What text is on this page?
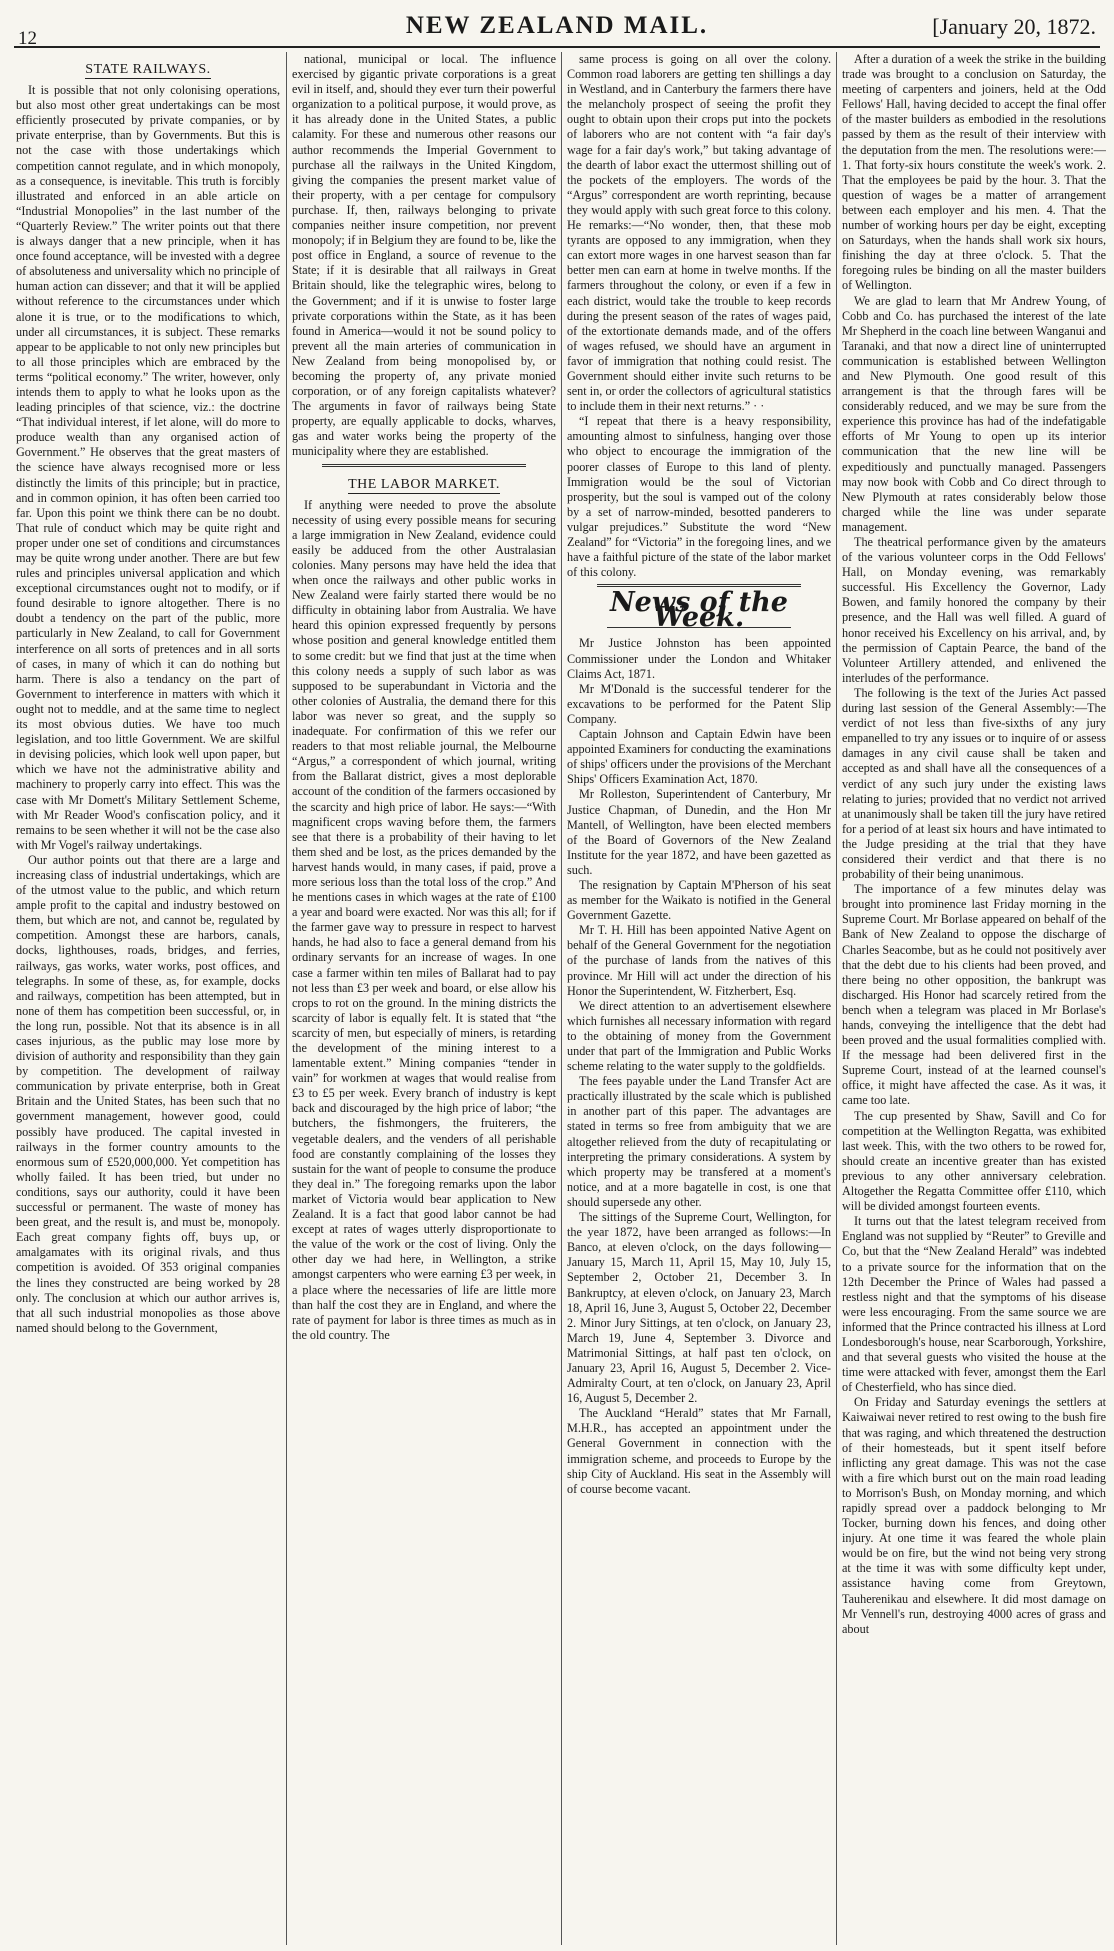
12	NEW ZEALAND MAIL.	[January 20, 1872.
STATE RAILWAYS.

It is possible that not only colonising operations, but also most other great undertakings can be most efficiently prosecuted by private companies, or by private enterprise, than by Governments. But this is not the case with those undertakings which competition cannot regulate, and in which monopoly, as a consequence, is inevitable. This truth is forcibly illustrated and enforced in an able article on “Industrial Monopolies” in the last number of the “Quarterly Review.” The writer points out that there is always danger that a new principle, when it has once found acceptance, will be invested with a degree of absoluteness and universality which no principle of human action can dissever; and that it will be applied without reference to the circumstances under which alone it is true, or to the modifications to which, under all circumstances, it is subject. These remarks appear to be applicable to not only new principles but to all those principles which are embraced by the terms “political economy.” The writer, however, only intends them to apply to what he looks upon as the leading principles of that science, viz.: the doctrine “That individual interest, if let alone, will do more to produce wealth than any organised action of Government.” He observes that the great masters of the science have always recognised more or less distinctly the limits of this principle; but in practice, and in common opinion, it has often been carried too far. Upon this point we think there can be no doubt. That rule of conduct which may be quite right and proper under one set of conditions and circumstances may be quite wrong under another. There are but few rules and principles universal application and which exceptional circumstances ought not to modify, or if found desirable to ignore altogether. There is no doubt a tendency on the part of the public, more particularly in New Zealand, to call for Government interference on all sorts of pretences and in all sorts of cases, in many of which it can do nothing but harm. There is also a tendancy on the part of Government to interference in matters with which it ought not to meddle, and at the same time to neglect its most obvious duties. We have too much legislation, and too little Government. We are skilful in devising policies, which look well upon paper, but which we have not the administrative ability and machinery to properly carry into effect. This was the case with Mr Domett's Military Settlement Scheme, with Mr Reader Wood's confiscation policy, and it remains to be seen whether it will not be the case also with Mr Vogel's railway undertakings.

Our author points out that there are a large and increasing class of industrial undertakings, which are of the utmost value to the public, and which return ample profit to the capital and industry bestowed on them, but which are not, and cannot be, regulated by competition. Amongst these are harbors, canals, docks, lighthouses, roads, bridges, and ferries, railways, gas works, water works, post offices, and telegraphs. In some of these, as, for example, docks and railways, competition has been attempted, but in none of them has competition been successful, or, in the long run, possible. Not that its absence is in all cases injurious, as the public may lose more by division of authority and responsibility than they gain by competition. The development of railway communication by private enterprise, both in Great Britain and the United States, has been such that no government management, however good, could possibly have produced. The capital invested in railways in the former country amounts to the enormous sum of £520,000,000. Yet competition has wholly failed. It has been tried, but under no conditions, says our authority, could it have been successful or permanent. The waste of money has been great, and the result is, and must be, monopoly. Each great company fights off, buys up, or amalgamates with its original rivals, and thus competition is avoided. Of 353 original companies the lines they constructed are being worked by 28 only. The conclusion at which our author arrives is, that all such industrial monopolies as those above named should belong to the Government,

national, municipal or local. The influence exercised by gigantic private corporations is a great evil in itself, and, should they ever turn their powerful organization to a political purpose, it would prove, as it has already done in the United States, a public calamity. For these and numerous other reasons our author recommends the Imperial Government to purchase all the railways in the United Kingdom, giving the companies the present market value of their property, with a per centage for compulsory purchase. If, then, railways belonging to private companies neither insure competition, nor prevent monopoly; if in Belgium they are found to be, like the post office in England, a source of revenue to the State; if it is desirable that all railways in Great Britain should, like the telegraphic wires, belong to the Government; and if it is unwise to foster large private corporations within the State, as it has been found in America—would it not be sound policy to prevent all the main arteries of communication in New Zealand from being monopolised by, or becoming the property of, any private monied corporation, or of any foreign capitalists whatever? The arguments in favor of railways being State property, are equally applicable to docks, wharves, gas and water works being the property of the municipality where they are established.

THE LABOR MARKET.

If anything were needed to prove the absolute necessity of using every possible means for securing a large immigration in New Zealand, evidence could easily be adduced from the other Australasian colonies. Many persons may have held the idea that when once the railways and other public works in New Zealand were fairly started there would be no difficulty in obtaining labor from Australia. We have heard this opinion expressed frequently by persons whose position and general knowledge entitled them to some credit: but we find that just at the time when this colony needs a supply of such labor as was supposed to be superabundant in Victoria and the other colonies of Australia, the demand there for this labor was never so great, and the supply so inadequate. For confirmation of this we refer our readers to that most reliable journal, the Melbourne “Argus,” a correspondent of which journal, writing from the Ballarat district, gives a most deplorable account of the condition of the farmers occasioned by the scarcity and high price of labor. He says:—“With magnificent crops waving before them, the farmers see that there is a probability of their having to let them shed and be lost, as the prices demanded by the harvest hands would, in many cases, if paid, prove a more serious loss than the total loss of the crop.” And he mentions cases in which wages at the rate of £100 a year and board were exacted. Nor was this all; for if the farmer gave way to pressure in respect to harvest hands, he had also to face a general demand from his ordinary servants for an increase of wages. In one case a farmer within ten miles of Ballarat had to pay not less than £3 per week and board, or else allow his crops to rot on the ground. In the mining districts the scarcity of labor is equally felt. It is stated that “the scarcity of men, but especially of miners, is retarding the development of the mining interest to a lamentable extent.” Mining companies “tender in vain” for workmen at wages that would realise from £3 to £5 per week. Every branch of industry is kept back and discouraged by the high price of labor; “the butchers, the fishmongers, the fruiterers, the vegetable dealers, and the venders of all perishable food are constantly complaining of the losses they sustain for the want of people to consume the produce they deal in.” The foregoing remarks upon the labor market of Victoria would bear application to New Zealand. It is a fact that good labor cannot be had except at rates of wages utterly disproportionate to the value of the work or the cost of living. Only the other day we had here, in Wellington, a strike amongst carpenters who were earning £3 per week, in a place where the necessaries of life are little more than half the cost they are in England, and where the rate of payment for labor is three times as much as in the old country. The

same process is going on all over the colony. Common road laborers are getting ten shillings a day in Westland, and in Canterbury the farmers there have the melancholy prospect of seeing the profit they ought to obtain upon their crops put into the pockets of laborers who are not content with “a fair day's wage for a fair day's work,” but taking advantage of the dearth of labor exact the uttermost shilling out of the pockets of the employers. The words of the “Argus” correspondent are worth reprinting, because they would apply with such great force to this colony. He remarks:—“No wonder, then, that these mob tyrants are opposed to any immigration, when they can extort more wages in one harvest season than far better men can earn at home in twelve months. If the farmers throughout the colony, or even if a few in each district, would take the trouble to keep records during the present season of the rates of wages paid, of the extortionate demands made, and of the offers of wages refused, we should have an argument in favor of immigration that nothing could resist. The Government should either invite such returns to be sent in, or order the collectors of agricultural statistics to include them in their next returns.” · ·

“I repeat that there is a heavy responsibility, amounting almost to sinfulness, hanging over those who object to encourage the immigration of the poorer classes of Europe to this land of plenty. Immigration would be the soul of Victorian prosperity, but the soul is vamped out of the colony by a set of narrow-minded, besotted panderers to vulgar prejudices.” Substitute the word “New Zealand” for “Victoria” in the foregoing lines, and we have a faithful picture of the state of the labor market of this colony.

News of the Week.

Mr Justice Johnston has been appointed Commissioner under the London and Whitaker Claims Act, 1871.

Mr M'Donald is the successful tenderer for the excavations to be performed for the Patent Slip Company.

Captain Johnson and Captain Edwin have been appointed Examiners for conducting the examinations of ships' officers under the provisions of the Merchant Ships' Officers Examination Act, 1870.

Mr Rolleston, Superintendent of Canterbury, Mr Justice Chapman, of Dunedin, and the Hon Mr Mantell, of Wellington, have been elected members of the Board of Governors of the New Zealand Institute for the year 1872, and have been gazetted as such.

The resignation by Captain M'Pherson of his seat as member for the Waikato is notified in the General Government Gazette.

Mr T. H. Hill has been appointed Native Agent on behalf of the General Government for the negotiation of the purchase of lands from the natives of this province. Mr Hill will act under the direction of his Honor the Superintendent, W. Fitzherbert, Esq.

We direct attention to an advertisement elsewhere which furnishes all necessary information with regard to the obtaining of money from the Government under that part of the Immigration and Public Works scheme relating to the water supply to the goldfields.

The fees payable under the Land Transfer Act are practically illustrated by the scale which is published in another part of this paper. The advantages are stated in terms so free from ambiguity that we are altogether relieved from the duty of recapitulating or interpreting the primary considerations. A system by which property may be transfered at a moment's notice, and at a more bagatelle in cost, is one that should supersede any other.

The sittings of the Supreme Court, Wellington, for the year 1872, have been arranged as follows:—In Banco, at eleven o'clock, on the days following—January 15, March 11, April 15, May 10, July 15, September 2, October 21, December 3. In Bankruptcy, at eleven o'clock, on January 23, March 18, April 16, June 3, August 5, October 22, December 2. Minor Jury Sittings, at ten o'clock, on January 23, March 19, June 4, September 3. Divorce and Matrimonial Sittings, at half past ten o'clock, on January 23, April 16, August 5, December 2. Vice-Admiralty Court, at ten o'clock, on January 23, April 16, August 5, December 2.

The Auckland “Herald” states that Mr Farnall, M.H.R., has accepted an appointment under the General Government in connection with the immigration scheme, and proceeds to Europe by the ship City of Auckland. His seat in the Assembly will of course become vacant.

After a duration of a week the strike in the building trade was brought to a conclusion on Saturday, the meeting of carpenters and joiners, held at the Odd Fellows' Hall, having decided to accept the final offer of the master builders as embodied in the resolutions passed by them as the result of their interview with the deputation from the men. The resolutions were:—1. That forty-six hours constitute the week's work. 2. That the employees be paid by the hour. 3. That the question of wages be a matter of arrangement between each employer and his men. 4. That the number of working hours per day be eight, excepting on Saturdays, when the hands shall work six hours, finishing the day at three o'clock. 5. That the foregoing rules be binding on all the master builders of Wellington.

We are glad to learn that Mr Andrew Young, of Cobb and Co. has purchased the interest of the late Mr Shepherd in the coach line between Wanganui and Taranaki, and that now a direct line of uninterrupted communication is established between Wellington and New Plymouth. One good result of this arrangement is that the through fares will be considerably reduced, and we may be sure from the experience this province has had of the indefatigable efforts of Mr Young to open up its interior communication that the new line will be expeditiously and punctually managed. Passengers may now book with Cobb and Co direct through to New Plymouth at rates considerably below those charged while the line was under separate management.

The theatrical performance given by the amateurs of the various volunteer corps in the Odd Fellows' Hall, on Monday evening, was remarkably successful. His Excellency the Governor, Lady Bowen, and family honored the company by their presence, and the Hall was well filled. A guard of honor received his Excellency on his arrival, and, by the permission of Captain Pearce, the band of the Volunteer Artillery attended, and enlivened the interludes of the performance.

The following is the text of the Juries Act passed during last session of the General Assembly:—The verdict of not less than five-sixths of any jury empanelled to try any issues or to inquire of or assess damages in any civil cause shall be taken and accepted as and shall have all the consequences of a verdict of any such jury under the existing laws relating to juries; provided that no verdict not arrived at unanimously shall be taken till the jury have retired for a period of at least six hours and have intimated to the Judge presiding at the trial that they have considered their verdict and that there is no probability of their being unanimous.

The importance of a few minutes delay was brought into prominence last Friday morning in the Supreme Court. Mr Borlase appeared on behalf of the Bank of New Zealand to oppose the discharge of Charles Seacombe, but as he could not positively aver that the debt due to his clients had been proved, and there being no other opposition, the bankrupt was discharged. His Honor had scarcely retired from the bench when a telegram was placed in Mr Borlase's hands, conveying the intelligence that the debt had been proved and the usual formalities complied with. If the message had been delivered first in the Supreme Court, instead of at the learned counsel's office, it might have affected the case. As it was, it came too late.

The cup presented by Shaw, Savill and Co for competition at the Wellington Regatta, was exhibited last week. This, with the two others to be rowed for, should create an incentive greater than has existed previous to any other anniversary celebration. Altogether the Regatta Committee offer £110, which will be divided amongst fourteen events.

It turns out that the latest telegram received from England was not supplied by “Reuter” to Greville and Co, but that the “New Zealand Herald” was indebted to a private source for the information that on the 12th December the Prince of Wales had passed a restless night and that the symptoms of his disease were less encouraging. From the same source we are informed that the Prince contracted his illness at Lord Londesborough's house, near Scarborough, Yorkshire, and that several guests who visited the house at the time were attacked with fever, amongst them the Earl of Chesterfield, who has since died.

On Friday and Saturday evenings the settlers at Kaiwaiwai never retired to rest owing to the bush fire that was raging, and which threatened the destruction of their homesteads, but it spent itself before inflicting any great damage. This was not the case with a fire which burst out on the main road leading to Morrison's Bush, on Monday morning, and which rapidly spread over a paddock belonging to Mr Tocker, burning down his fences, and doing other injury. At one time it was feared the whole plain would be on fire, but the wind not being very strong at the time it was with some difficulty kept under, assistance having come from Greytown, Tauherenikau and elsewhere. It did most damage on Mr Vennell's run, destroying 4000 acres of grass and about
